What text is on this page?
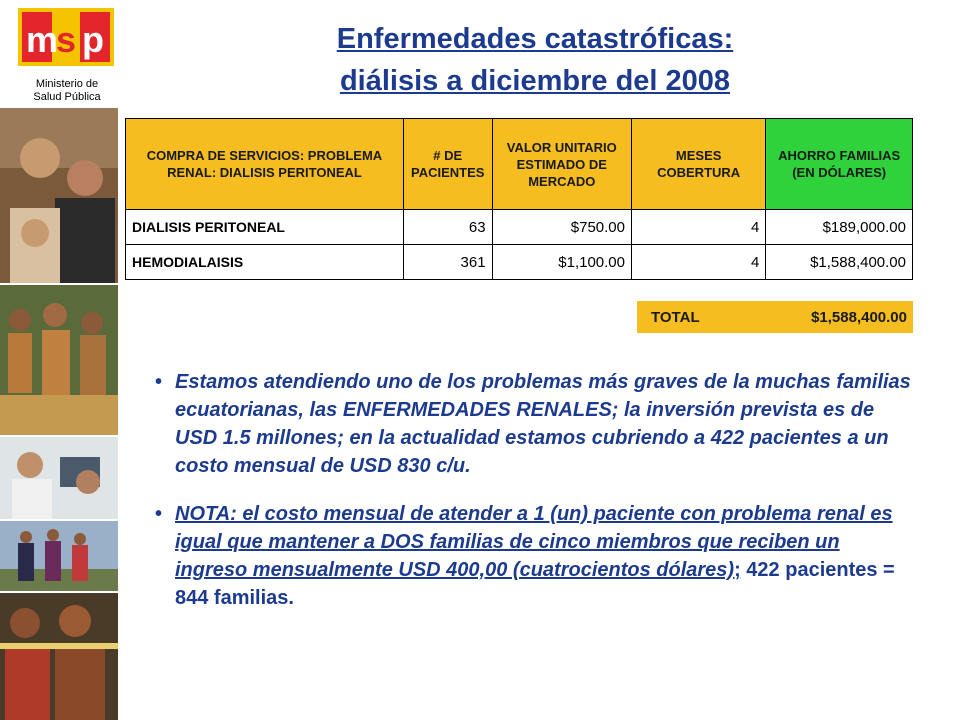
m
s p
Ministerio de
Salud Pública
Enfermedades catastróficas:
diálisis a diciembre del 2008
COMPRA DE SERVICIOS: PROBLEMA RENAL: DIALISIS PERITONEAL	# DE PACIENTES	VALOR UNITARIO ESTIMADO DE MERCADO	MESES COBERTURA	AHORRO FAMILIAS (EN DÓLARES)
DIALISIS PERITONEAL	63	$750.00	4	$189,000.00
HEMODIALAISIS	361	$1,100.00	4	$1,588,400.00
TOTAL	$1,588,400.00
• Estamos atendiendo uno de los problemas más graves de la muchas familias ecuatorianas, las ENFERMEDADES RENALES; la inversión prevista es de USD 1.5 millones; en la actualidad estamos cubriendo a 422 pacientes a un costo mensual de USD 830 c/u.
• NOTA: el costo mensual de atender a 1 (un) paciente con problema renal es igual que mantener a DOS familias de cinco miembros que reciben un ingreso mensualmente USD 400,00 (cuatrocientos dólares); 422 pacientes = 844 familias.
